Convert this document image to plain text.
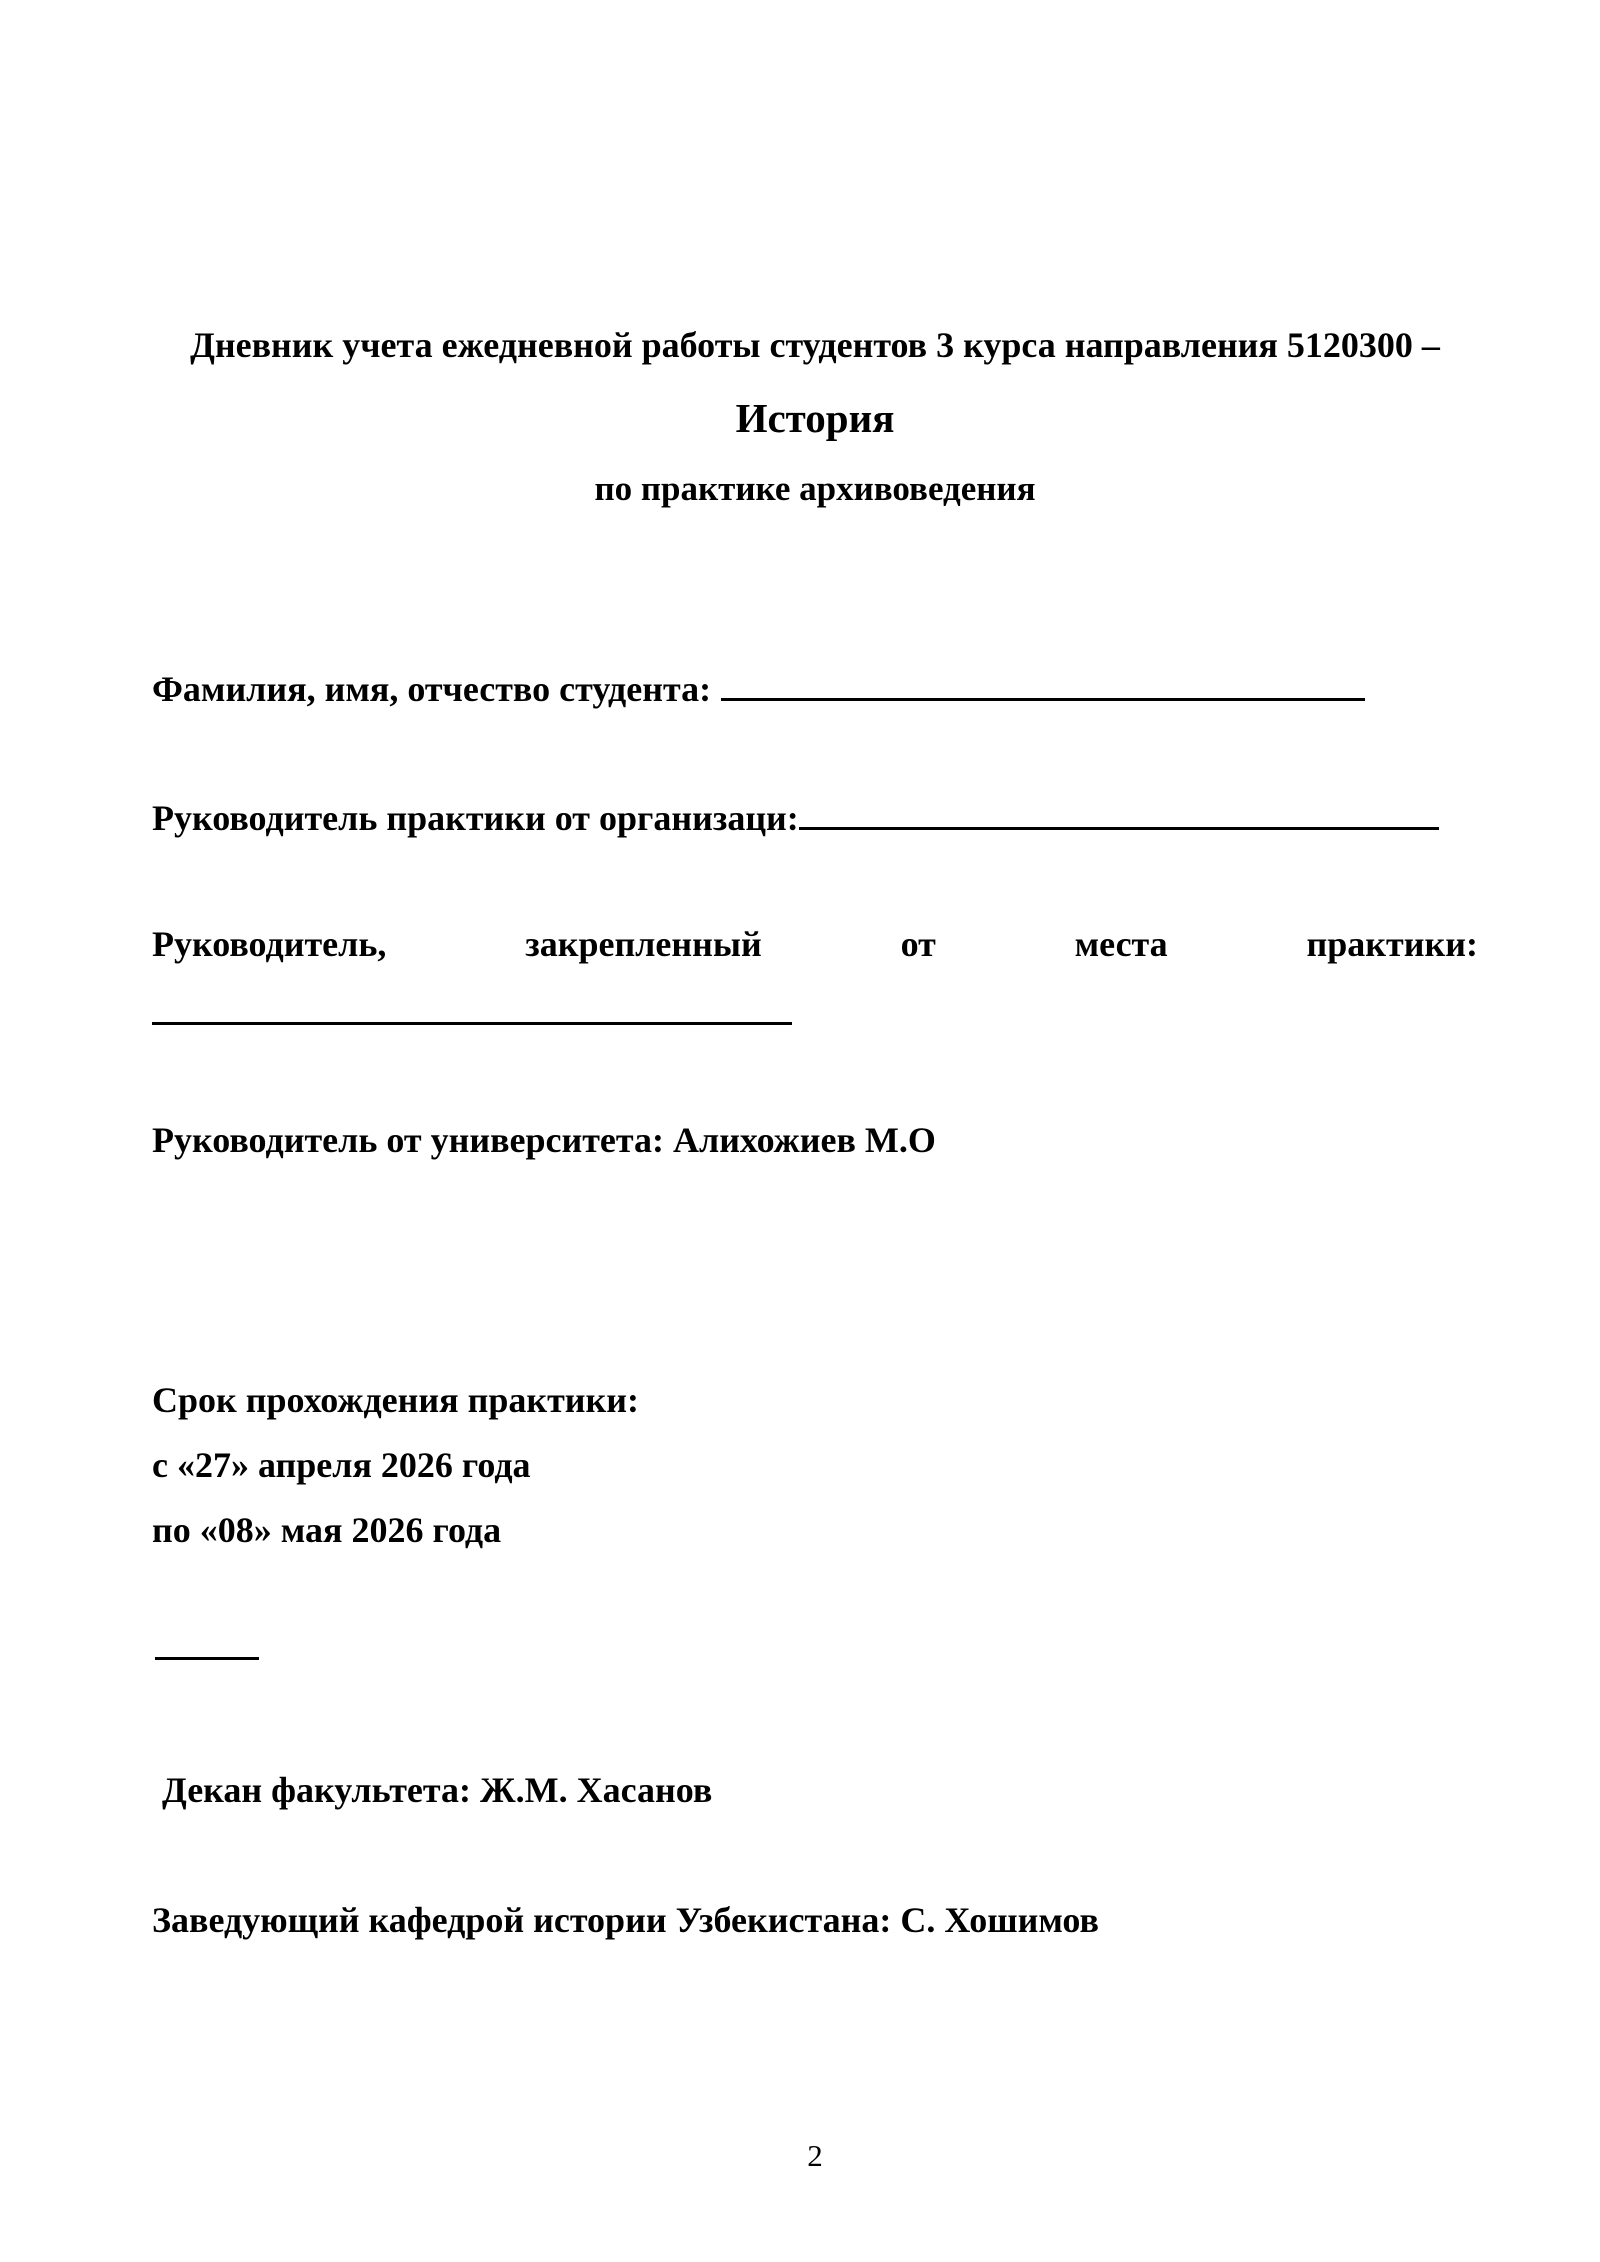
Дневник учета ежедневной работы студентов 3 курса направления 5120300 –
История
по практике архивоведения
Фамилия, имя, отчество студента:
Руководитель практики от организаци:
Руководитель,	закрепленный	от	места	практики:
Руководитель от университета: Алихожиев М.О
Срок прохождения практики:
с «27» апреля 2026 года
по «08» мая 2026 года
Декан факультета: Ж.М. Хасанов
Заведующий кафедрой истории Узбекистана: С. Хошимов
2
